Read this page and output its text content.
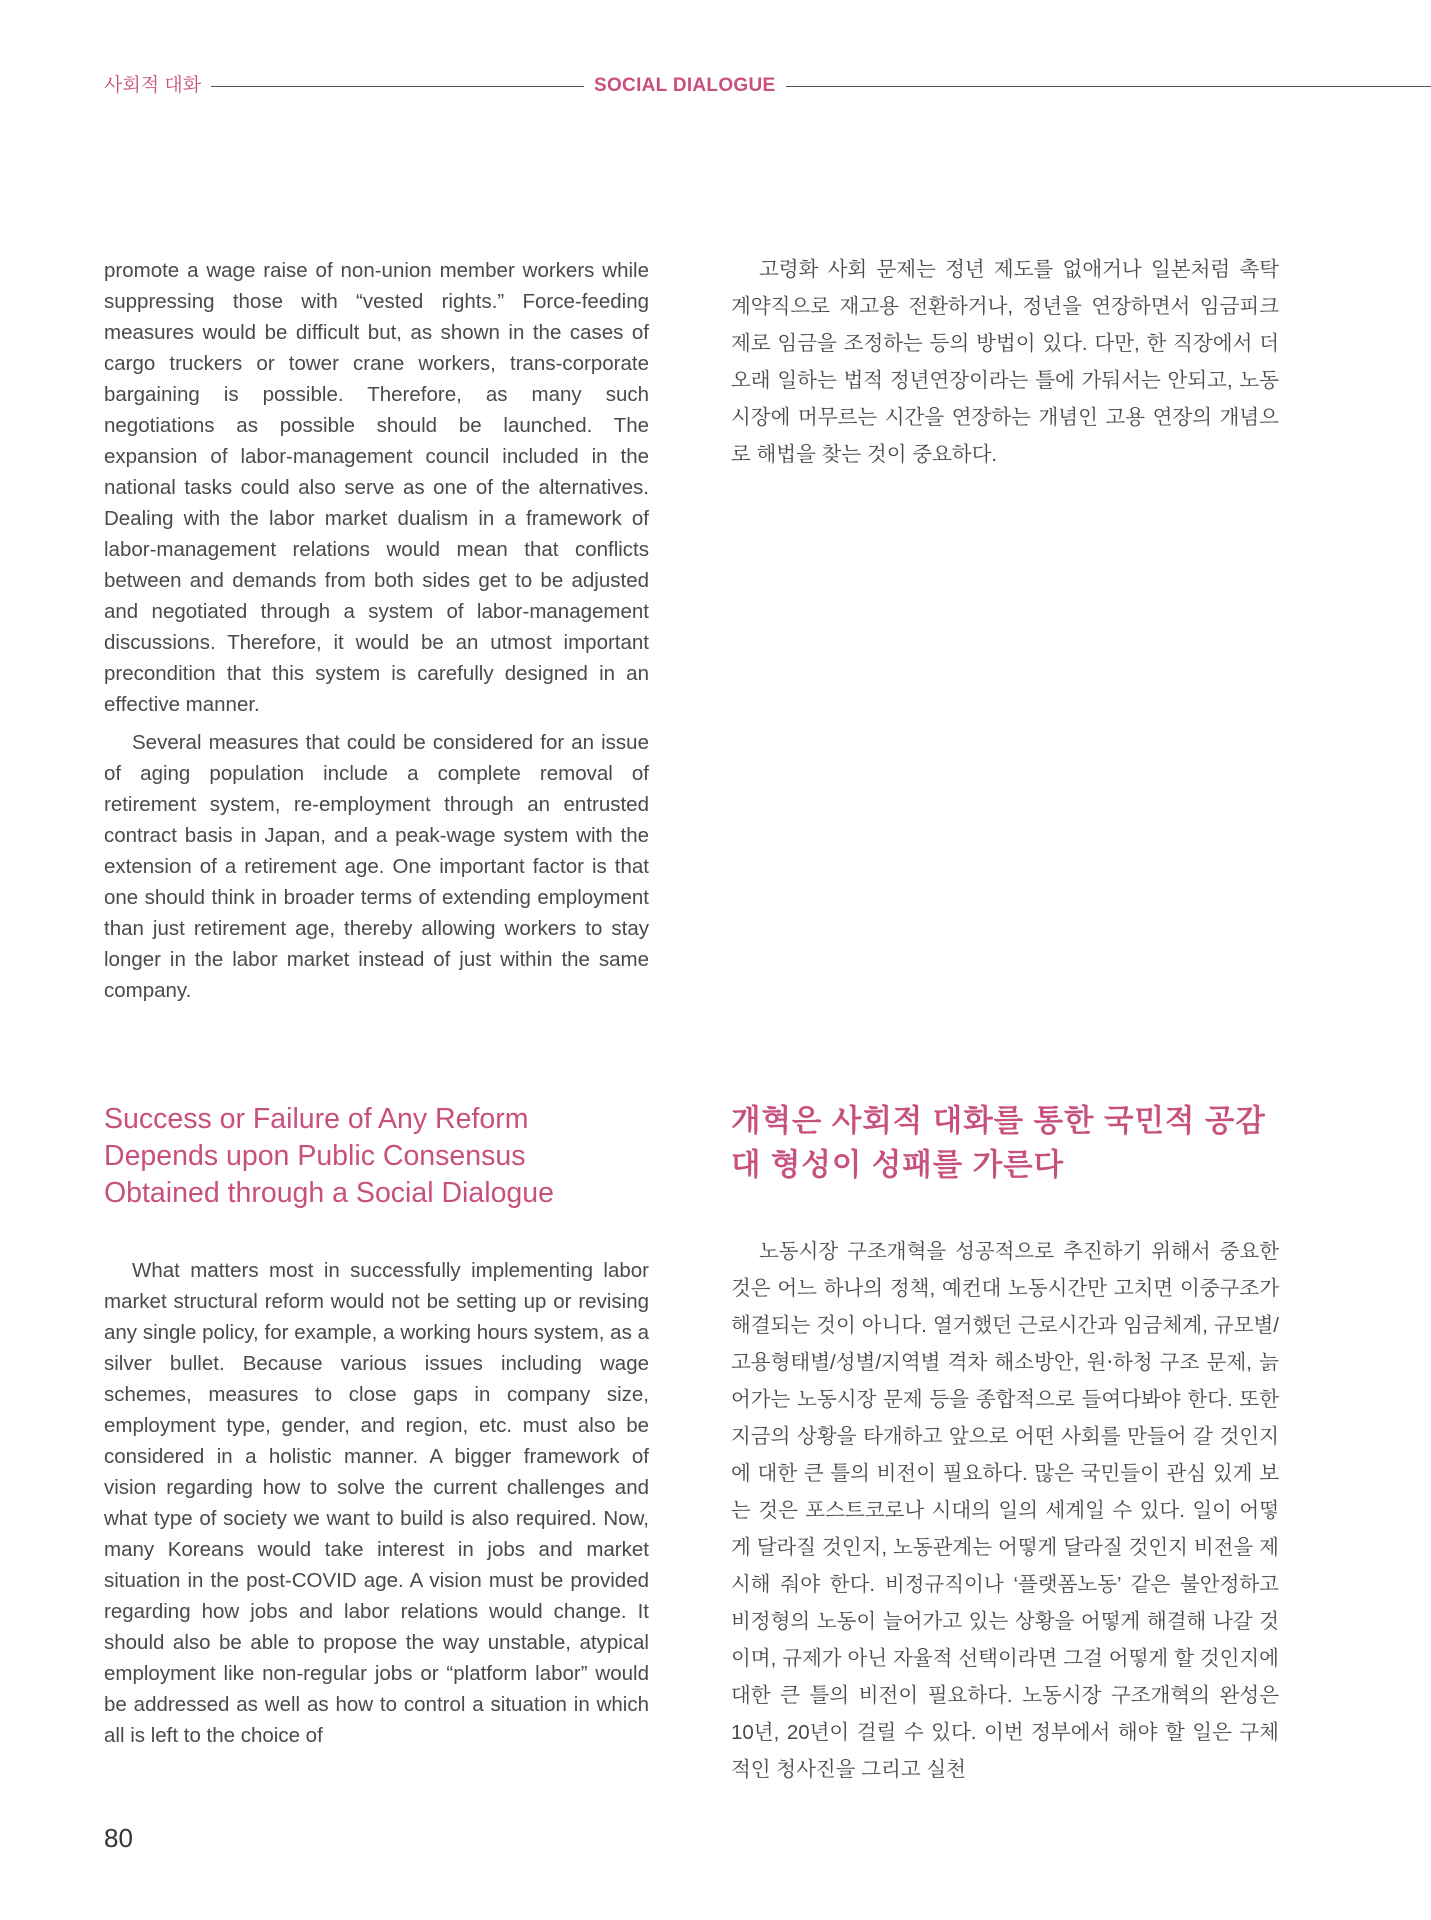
사회적 대화	SOCIAL DIALOGUE

promote a wage raise of non-union member workers while suppressing those with “vested rights.” Force-feeding measures would be difficult but, as shown in the cases of cargo truckers or tower crane workers, trans-corporate bargaining is possible. Therefore, as many such negotiations as possible should be launched. The expansion of labor-management council included in the national tasks could also serve as one of the alternatives. Dealing with the labor market dualism in a framework of labor-management relations would mean that conflicts between and demands from both sides get to be adjusted and negotiated through a system of labor-management discussions. Therefore, it would be an utmost important precondition that this system is carefully designed in an effective manner.

Several measures that could be considered for an issue of aging population include a complete removal of retirement system, re-employment through an entrusted contract basis in Japan, and a peak-wage system with the extension of a retirement age. One important factor is that one should think in broader terms of extending employment than just retirement age, thereby allowing workers to stay longer in the labor market instead of just within the same company.

고령화 사회 문제는 정년 제도를 없애거나 일본처럼 촉탁 계약직으로 재고용 전환하거나, 정년을 연장하면서 임금피크제로 임금을 조정하는 등의 방법이 있다. 다만, 한 직장에서 더 오래 일하는 법적 정년연장이라는 틀에 가둬서는 안되고, 노동시장에 머무르는 시간을 연장하는 개념인 고용 연장의 개념으로 해법을 찾는 것이 중요하다.

Success or Failure of Any Reform Depends upon Public Consensus Obtained through a Social Dialogue

What matters most in successfully implementing labor market structural reform would not be setting up or revising any single policy, for example, a working hours system, as a silver bullet. Because various issues including wage schemes, measures to close gaps in company size, employment type, gender, and region, etc. must also be considered in a holistic manner. A bigger framework of vision regarding how to solve the current challenges and what type of society we want to build is also required. Now, many Koreans would take interest in jobs and market situation in the post-COVID age. A vision must be provided regarding how jobs and labor relations would change. It should also be able to propose the way unstable, atypical employment like non-regular jobs or “platform labor” would be addressed as well as how to control a situation in which all is left to the choice of

개혁은 사회적 대화를 통한 국민적 공감대 형성이 성패를 가른다

노동시장 구조개혁을 성공적으로 추진하기 위해서 중요한 것은 어느 하나의 정책, 예컨대 노동시간만 고치면 이중구조가 해결되는 것이 아니다. 열거했던 근로시간과 임금체계, 규모별/고용형태별/성별/지역별 격차 해소방안, 원‧하청 구조 문제, 늙어가는 노동시장 문제 등을 종합적으로 들여다봐야 한다. 또한 지금의 상황을 타개하고 앞으로 어떤 사회를 만들어 갈 것인지에 대한 큰 틀의 비전이 필요하다. 많은 국민들이 관심 있게 보는 것은 포스트코로나 시대의 일의 세계일 수 있다. 일이 어떻게 달라질 것인지, 노동관계는 어떻게 달라질 것인지 비전을 제시해 줘야 한다. 비정규직이나 ‘플랫폼노동’ 같은 불안정하고 비정형의 노동이 늘어가고 있는 상황을 어떻게 해결해 나갈 것이며, 규제가 아닌 자율적 선택이라면 그걸 어떻게 할 것인지에 대한 큰 틀의 비전이 필요하다. 노동시장 구조개혁의 완성은 10년, 20년이 걸릴 수 있다. 이번 정부에서 해야 할 일은 구체적인 청사진을 그리고 실천

80
